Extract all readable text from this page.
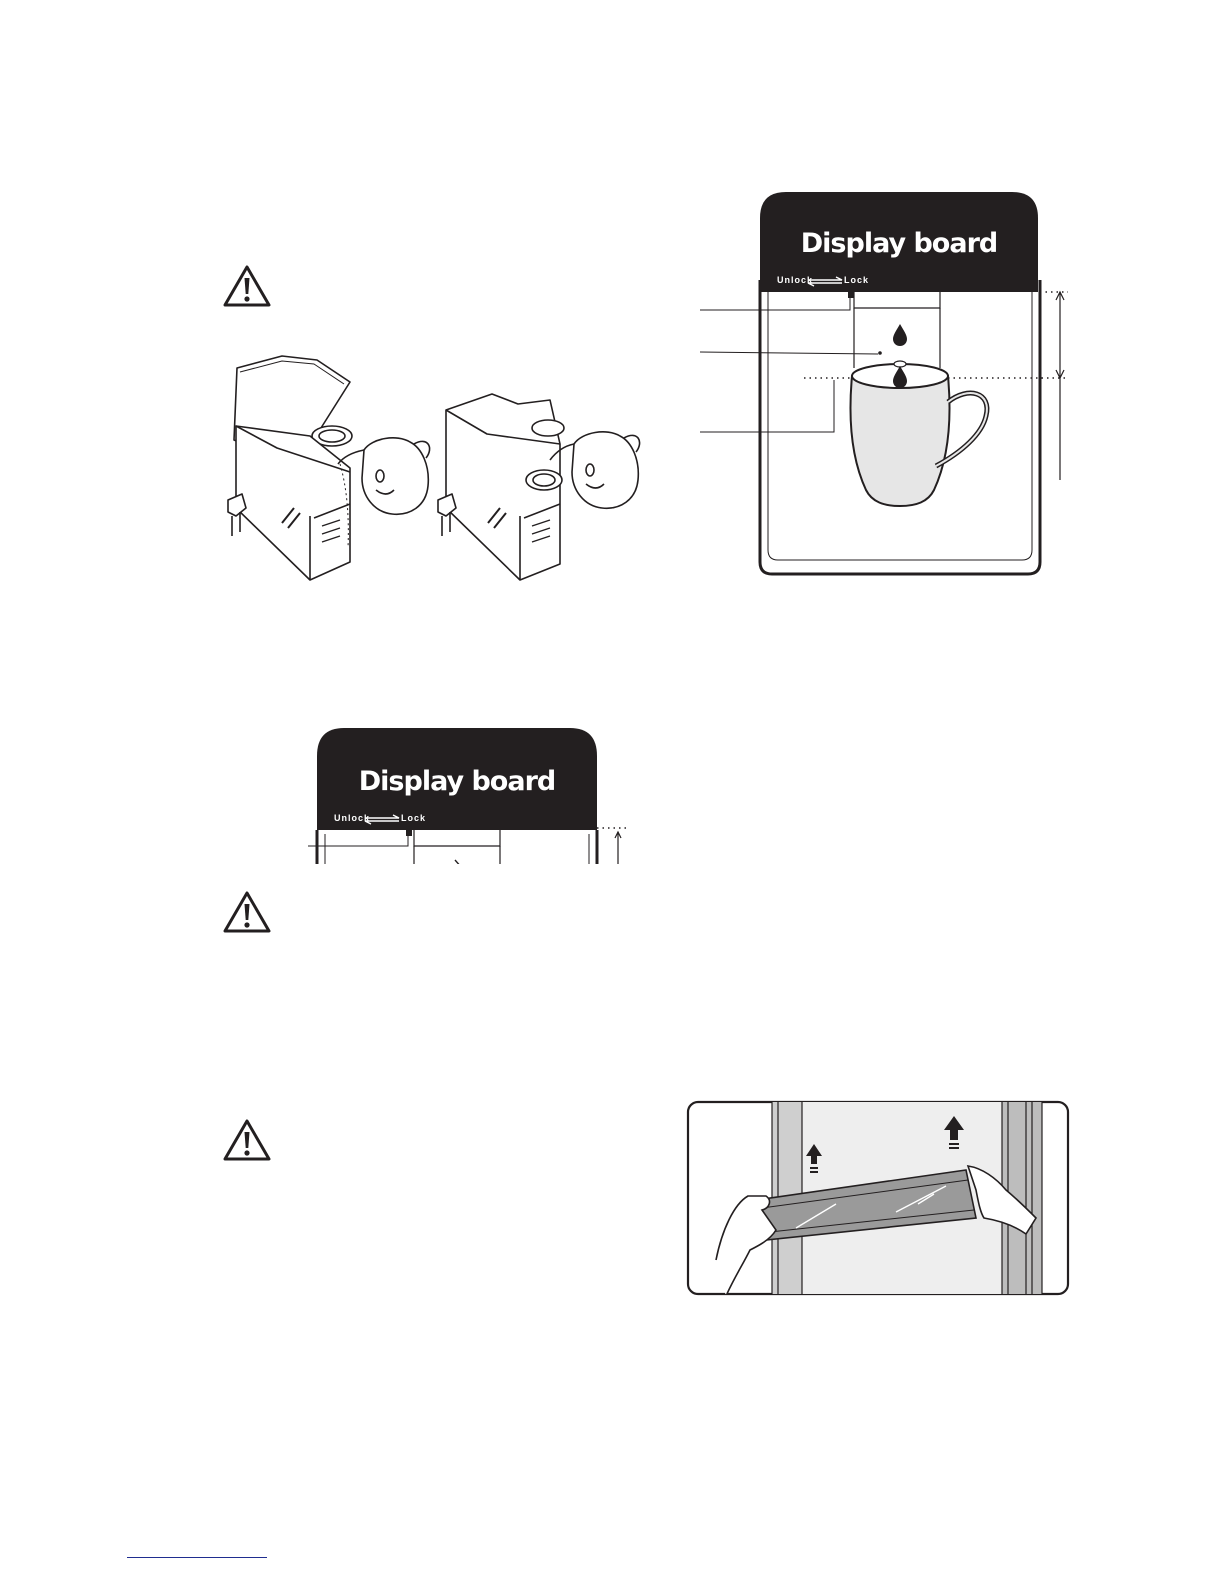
Display board
Unlock	Lock
Display board
Unlock	Lock
